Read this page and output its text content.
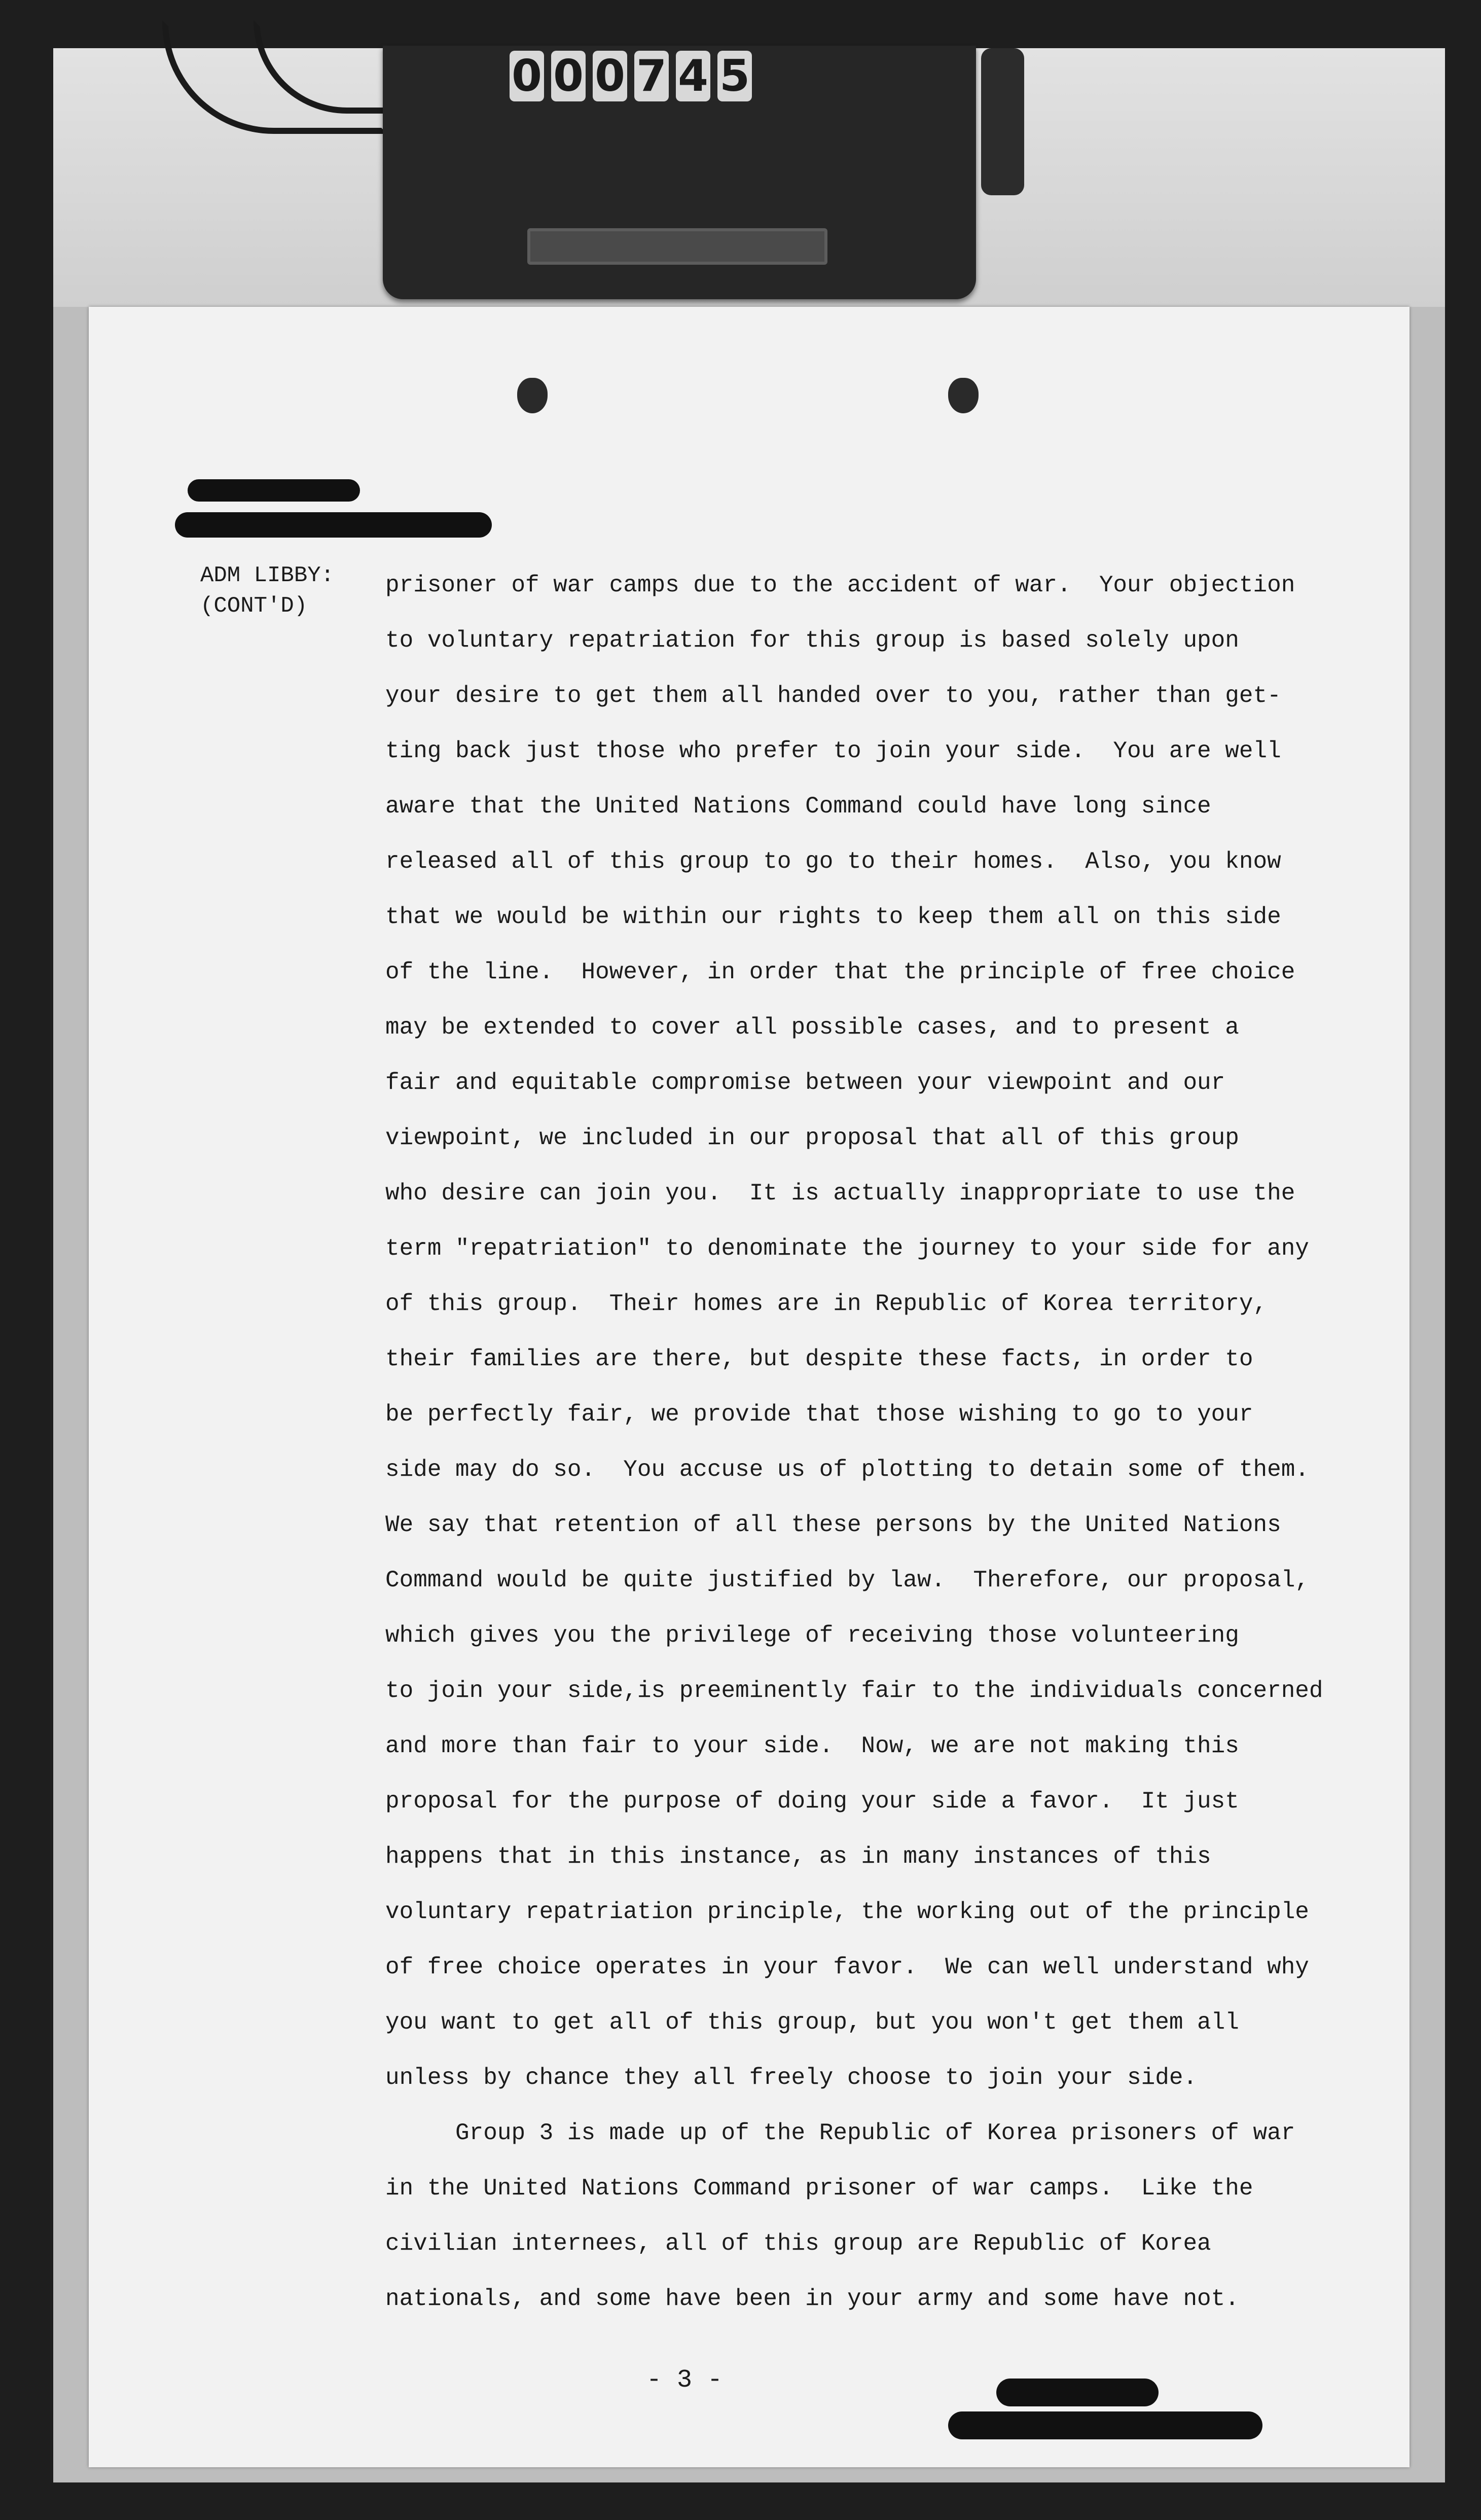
0 0 0 7 4 5
ADM LIBBY:
(CONT'D)
prisoner of war camps due to the accident of war.  Your objection
to voluntary repatriation for this group is based solely upon
your desire to get them all handed over to you, rather than get-
ting back just those who prefer to join your side.  You are well
aware that the United Nations Command could have long since
released all of this group to go to their homes.  Also, you know
that we would be within our rights to keep them all on this side
of the line.  However, in order that the principle of free choice
may be extended to cover all possible cases, and to present a
fair and equitable compromise between your viewpoint and our
viewpoint, we included in our proposal that all of this group
who desire can join you.  It is actually inappropriate to use the
term "repatriation" to denominate the journey to your side for any
of this group.  Their homes are in Republic of Korea territory,
their families are there, but despite these facts, in order to
be perfectly fair, we provide that those wishing to go to your
side may do so.  You accuse us of plotting to detain some of them.
We say that retention of all these persons by the United Nations
Command would be quite justified by law.  Therefore, our proposal,
which gives you the privilege of receiving those volunteering
to join your side,is preeminently fair to the individuals concerned
and more than fair to your side.  Now, we are not making this
proposal for the purpose of doing your side a favor.  It just
happens that in this instance, as in many instances of this
voluntary repatriation principle, the working out of the principle
of free choice operates in your favor.  We can well understand why
you want to get all of this group, but you won't get them all
unless by chance they all freely choose to join your side.
Group 3 is made up of the Republic of Korea prisoners of war
in the United Nations Command prisoner of war camps.  Like the
civilian internees, all of this group are Republic of Korea
nationals, and some have been in your army and some have not.
- 3 -
